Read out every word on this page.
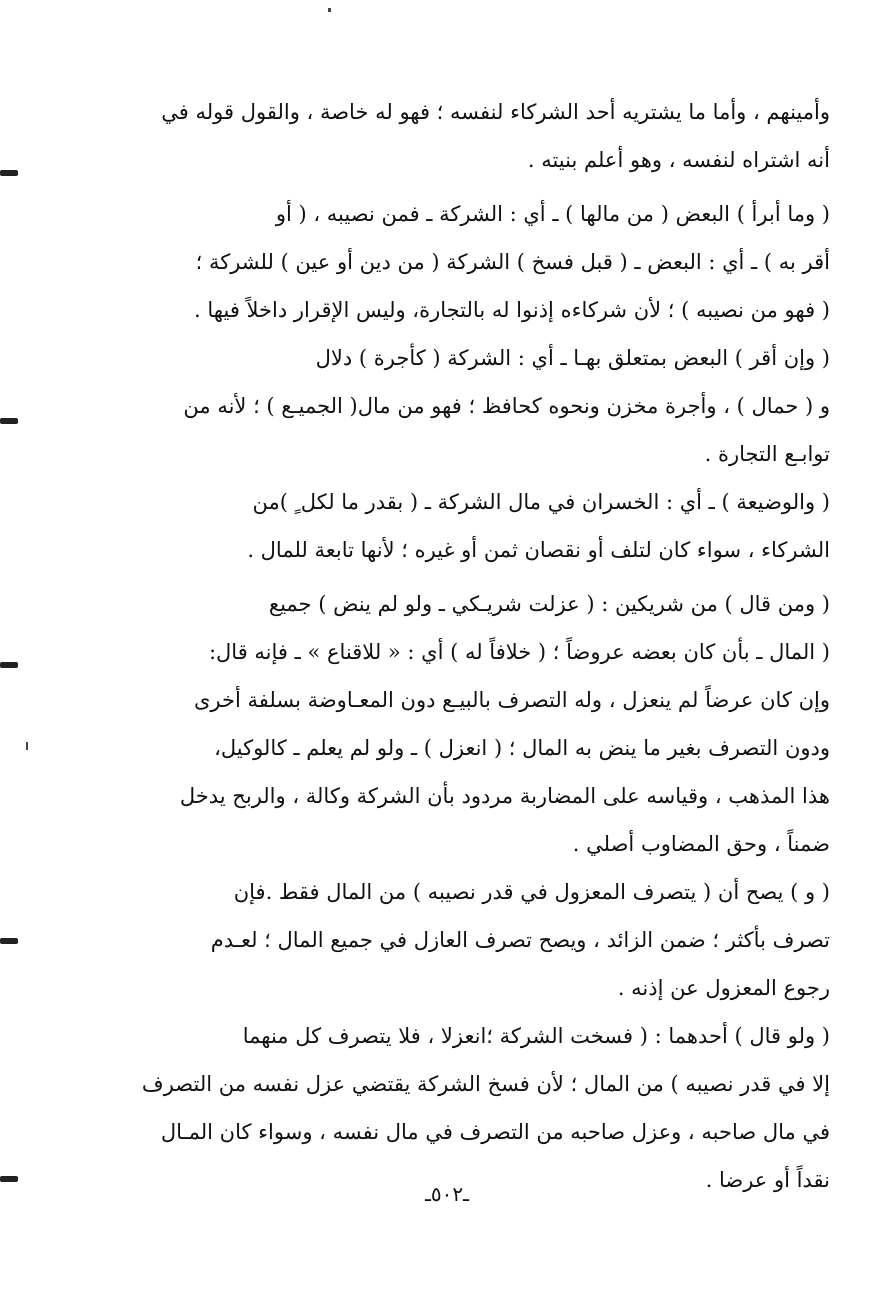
وأمينهم ، وأما ما يشتريه أحد الشركاء لنفسه ؛ فهو له خاصة ، والقول قوله في
أنه اشتراه لنفسه ، وهو أعلم بنيته .
( وما أبرأ ) البعض ( من مالها ) ـ أي : الشركة ـ فمن نصيبه ، ( أو
أقر به ) ـ أي : البعض ـ ( قبل فسخ ) الشركة ( من دين أو عين ) للشركة ؛
( فهو من نصيبه ) ؛ لأن شركاءه إذنوا له بالتجارة، وليس الإقرار داخلاً فيها .
( وإن أقر ) البعض بمتعلق بهـا ـ أي : الشركة ( كأجرة ) دلال
و ( حمال ) ، وأجرة مخزن ونحوه كحافظ ؛ فهو من مال( الجميـع ) ؛ لأنه من
توابـع التجارة .
( والوضيعة ) ـ أي : الخسران في مال الشركة ـ ( بقدر ما لكل ٍ )من
الشركاء ، سواء كان لتلف أو نقصان ثمن أو غيره ؛ لأنها تابعة للمال .
( ومن قال ) من شريكين : ( عزلت شريـكي ـ ولو لم ينض ) جميع
( المال ـ بأن كان بعضه عروضاً ؛ ( خلافاً له ) أي : « للاقناع » ـ فإنه قال:
وإن كان عرضاً لم ينعزل ، وله التصرف بالبيـع دون المعـاوضة بسلفة أخرى
ودون التصرف بغير ما ينض به المال ؛ ( انعزل ) ـ ولو لم يعلم ـ كالوكيل،
هذا المذهب ، وقياسه على المضاربة مردود بأن الشركة وكالة ، والربح يدخل
ضمناً ، وحق المضاوب أصلي .
( و ) يصح أن ( يتصرف المعزول في قدر نصيبه ) من المال فقط .فإن
تصرف بأكثر ؛ ضمن الزائد ، ويصح تصرف العازل في جميع المال ؛ لعـدم
رجوع المعزول عن إذنه .
( ولو قال ) أحدهما : ( فسخت الشركة ؛انعزلا ، فلا يتصرف كل منهما
إلا في قدر نصيبه ) من المال ؛ لأن فسخ الشركة يقتضي عزل نفسه من التصرف
في مال صاحبه ، وعزل صاحبه من التصرف في مال نفسه ، وسواء كان المـال
نقداً أو عرضا .
ـ٥٠٢ـ
